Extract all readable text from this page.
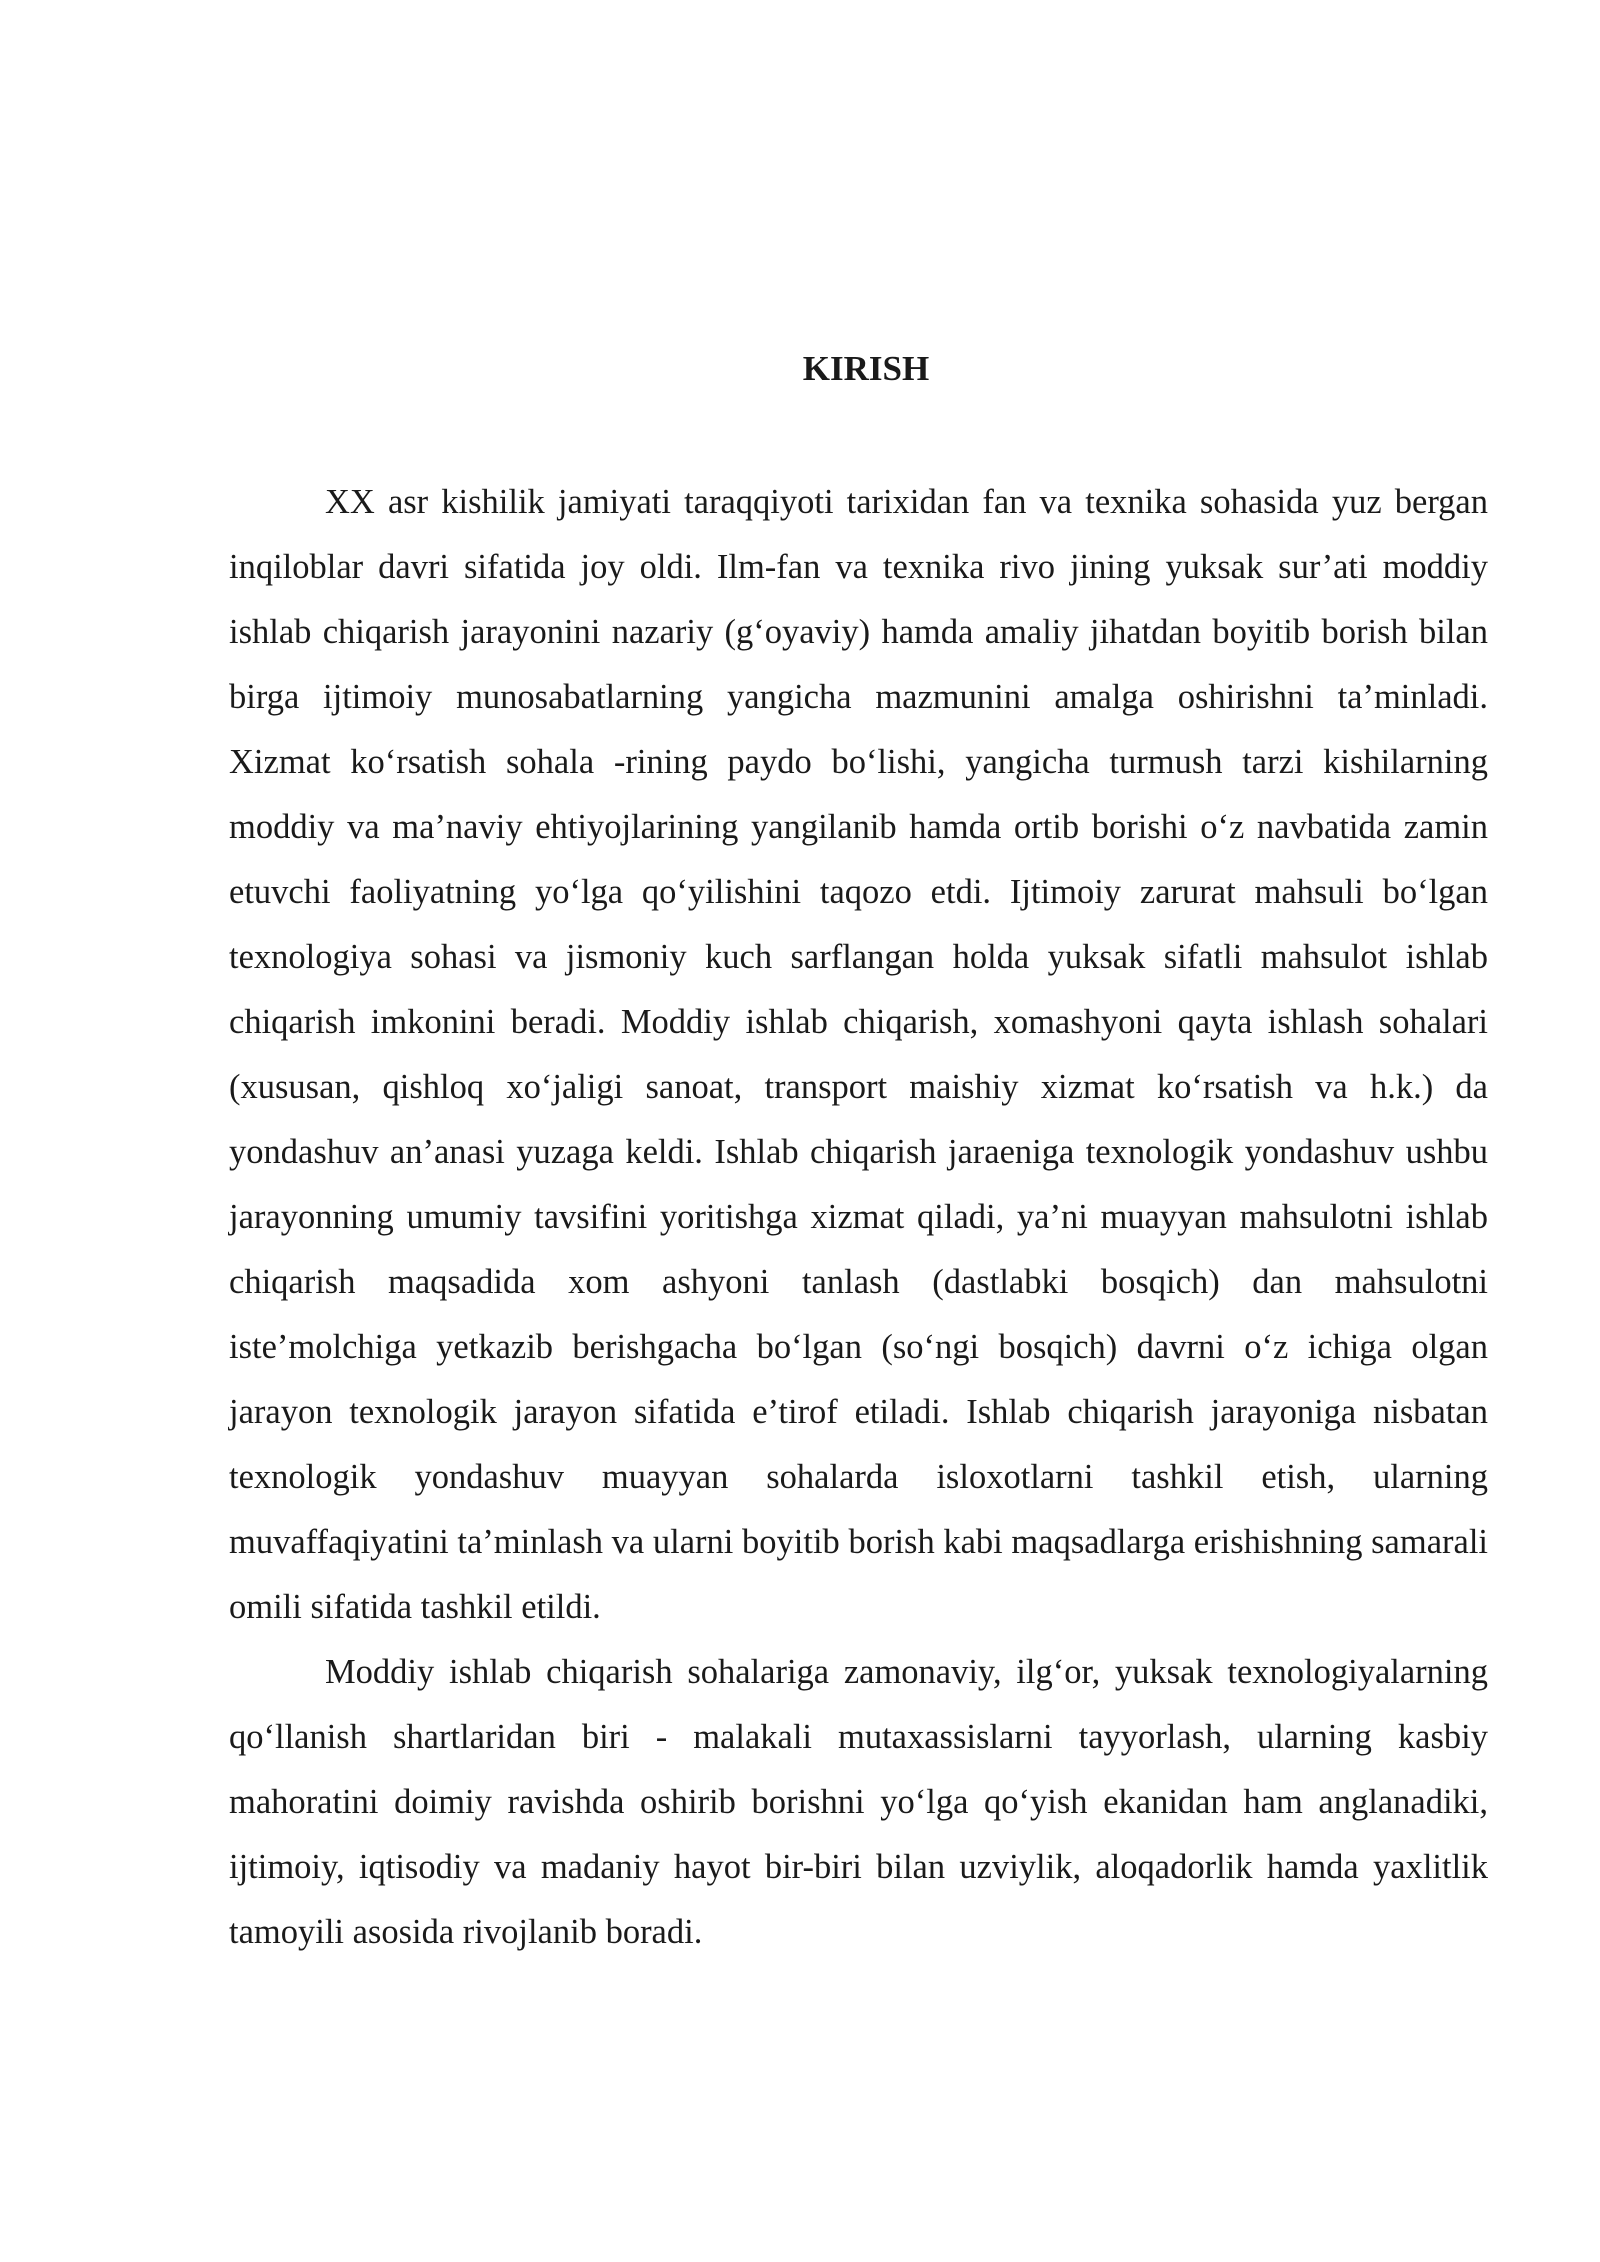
KIRISH

XX asr kishilik jamiyati taraqqiyoti tarixidan fan va texnika sohasida yuz bergan inqiloblar davri sifatida joy oldi. Ilm-fan va texnika rivo jining yuksak sur’ati moddiy ishlab chiqarish jarayonini nazariy (g‘oyaviy) hamda amaliy jihatdan boyitib borish bilan birga ijtimoiy munosabatlarning yangicha mazmunini amalga oshirishni ta’minladi. Xizmat ko‘rsatish sohala -rining paydo bo‘lishi, yangicha turmush tarzi kishilarning moddiy va ma’naviy ehtiyojlarining yangilanib hamda ortib borishi o‘z navbatida zamin etuvchi faoliyatning yo‘lga qo‘yilishini taqozo etdi. Ijtimoiy zarurat mahsuli bo‘lgan texnologiya sohasi va jismoniy kuch sarflangan holda yuksak sifatli mahsulot ishlab chiqarish imkonini beradi. Moddiy ishlab chiqarish, xomashyoni qayta ishlash sohalari (xususan, qishloq xo‘jaligi sanoat, transport maishiy xizmat ko‘rsatish va h.k.) da yondashuv an’anasi yuzaga keldi. Ishlab chiqarish jaraeniga texnologik yondashuv ushbu jarayonning umumiy tavsifini yoritishga xizmat qiladi, ya’ni muayyan mahsulotni ishlab chiqarish maqsadida xom ashyoni tanlash (dastlabki bosqich) dan mahsulotni iste’molchiga yetkazib berishgacha bo‘lgan (so‘ngi bosqich) davrni o‘z ichiga olgan jarayon texnologik jarayon sifatida e’tirof etiladi. Ishlab chiqarish jarayoniga nisbatan texnologik yondashuv muayyan sohalarda isloxotlarni tashkil etish, ularning muvaffaqiyatini ta’minlash va ularni boyitib borish kabi maqsadlarga erishishning samarali omili sifatida tashkil etildi.

Moddiy ishlab chiqarish sohalariga zamonaviy, ilg‘or, yuksak texnologiyalarning qo‘llanish shartlaridan biri - malakali mutaxassislarni tayyorlash, ularning kasbiy mahoratini doimiy ravishda oshirib borishni yo‘lga qo‘yish ekanidan ham anglanadiki, ijtimoiy, iqtisodiy va madaniy hayot bir-biri bilan uzviylik, aloqadorlik hamda yaxlitlik tamoyili asosida rivojlanib boradi.
